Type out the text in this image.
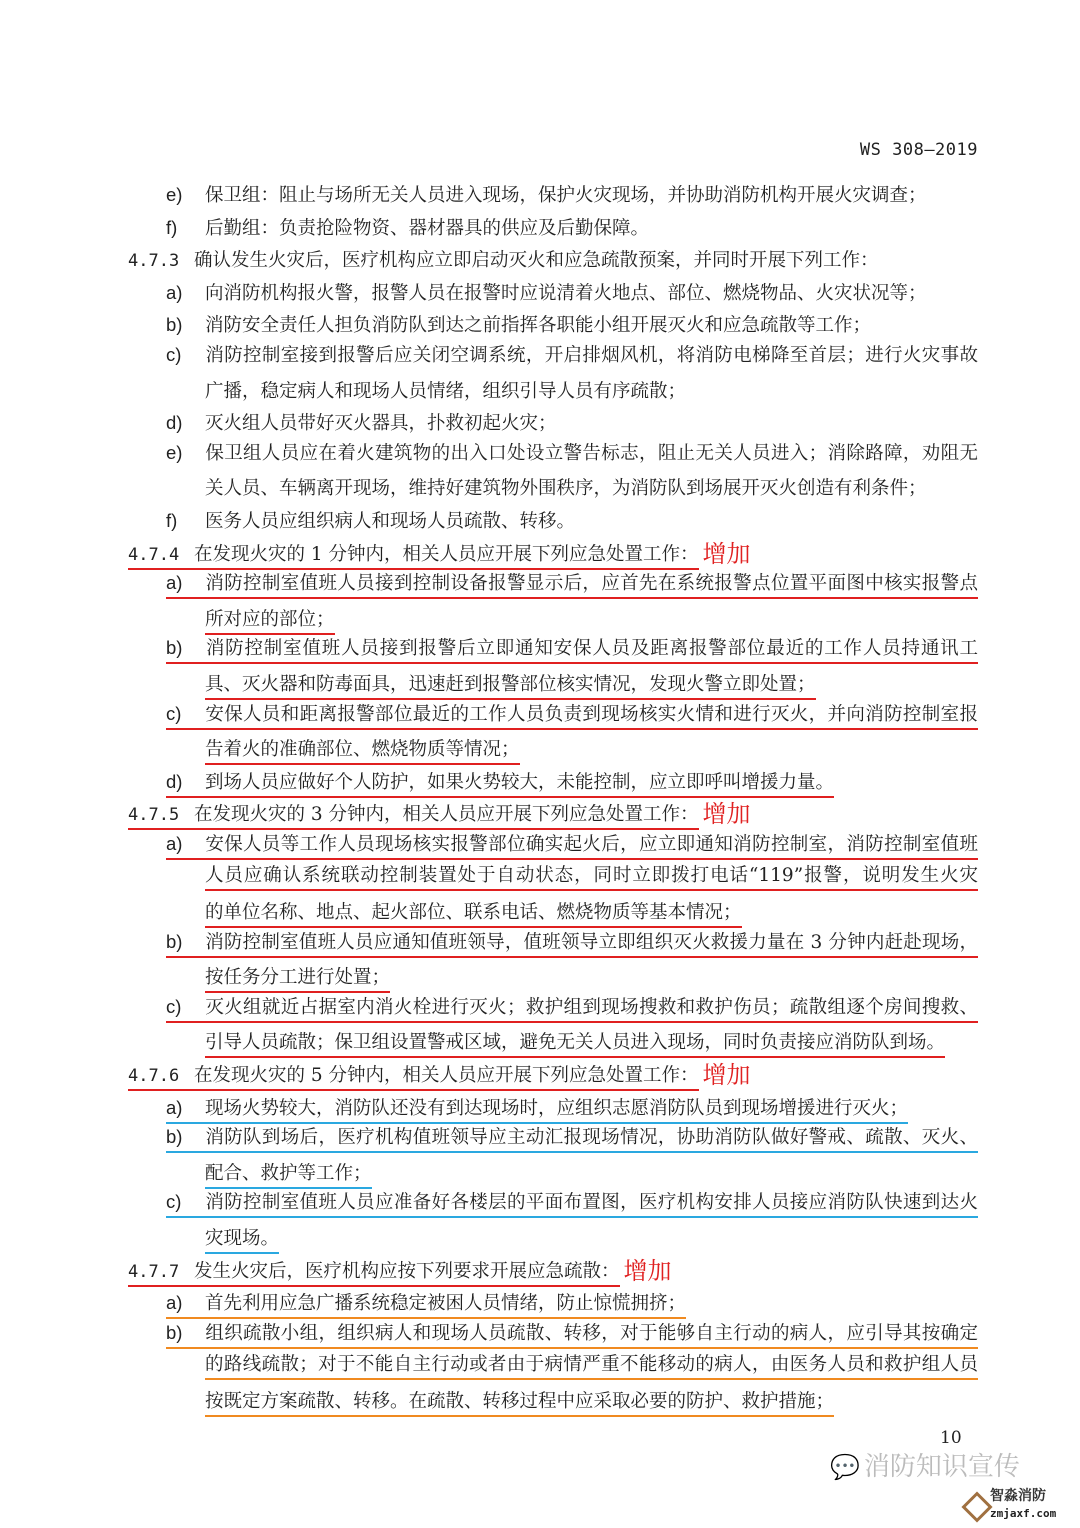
WS 308—2019
e) 保卫组：阻止与场所无关人员进入现场，保护火灾现场，并协助消防机构开展火灾调查；
f) 后勤组：负责抢险物资、器材器具的供应及后勤保障。
4.7.3 确认发生火灾后，医疗机构应立即启动灭火和应急疏散预案，并同时开展下列工作：
a) 向消防机构报火警，报警人员在报警时应说清着火地点、部位、燃烧物品、火灾状况等；
b) 消防安全责任人担负消防队到达之前指挥各职能小组开展灭火和应急疏散等工作；
c) 消防控制室接到报警后应关闭空调系统，开启排烟风机，将消防电梯降至首层；进行火灾事故
广播，稳定病人和现场人员情绪，组织引导人员有序疏散；
d) 灭火组人员带好灭火器具，扑救初起火灾；
e) 保卫组人员应在着火建筑物的出入口处设立警告标志，阻止无关人员进入；消除路障，劝阻无
关人员、车辆离开现场，维持好建筑物外围秩序，为消防队到场展开灭火创造有利条件；
f) 医务人员应组织病人和现场人员疏散、转移。
4.7.4 在发现火灾的 1 分钟内，相关人员应开展下列应急处置工作： 增加
a) 消防控制室值班人员接到控制设备报警显示后，应首先在系统报警点位置平面图中核实报警点
所对应的部位；
b) 消防控制室值班人员接到报警后立即通知安保人员及距离报警部位最近的工作人员持通讯工
具、灭火器和防毒面具，迅速赶到报警部位核实情况，发现火警立即处置；
c) 安保人员和距离报警部位最近的工作人员负责到现场核实火情和进行灭火，并向消防控制室报
告着火的准确部位、燃烧物质等情况；
d) 到场人员应做好个人防护，如果火势较大，未能控制，应立即呼叫增援力量。
4.7.5 在发现火灾的 3 分钟内，相关人员应开展下列应急处置工作： 增加
a) 安保人员等工作人员现场核实报警部位确实起火后，应立即通知消防控制室，消防控制室值班
人员应确认系统联动控制装置处于自动状态，同时立即拨打电话“119”报警，说明发生火灾
的单位名称、地点、起火部位、联系电话、燃烧物质等基本情况；
b) 消防控制室值班人员应通知值班领导，值班领导立即组织灭火救援力量在 3 分钟内赶赴现场，
按任务分工进行处置；
c) 灭火组就近占据室内消火栓进行灭火；救护组到现场搜救和救护伤员；疏散组逐个房间搜救、
引导人员疏散；保卫组设置警戒区域，避免无关人员进入现场，同时负责接应消防队到场。
4.7.6 在发现火灾的 5 分钟内，相关人员应开展下列应急处置工作： 增加
a) 现场火势较大，消防队还没有到达现场时，应组织志愿消防队员到现场增援进行灭火；
b) 消防队到场后，医疗机构值班领导应主动汇报现场情况，协助消防队做好警戒、疏散、灭火、
配合、救护等工作；
c) 消防控制室值班人员应准备好各楼层的平面布置图，医疗机构安排人员接应消防队快速到达火
灾现场。
4.7.7 发生火灾后，医疗机构应按下列要求开展应急疏散： 增加
a) 首先利用应急广播系统稳定被困人员情绪，防止惊慌拥挤；
b) 组织疏散小组，组织病人和现场人员疏散、转移，对于能够自主行动的病人，应引导其按确定
的路线疏散；对于不能自主行动或者由于病情严重不能移动的病人，由医务人员和救护组人员
按既定方案疏散、转移。在疏散、转移过程中应采取必要的防护、救护措施；
10
💬 消防知识宣传
智淼消防
zmjaxf.com
